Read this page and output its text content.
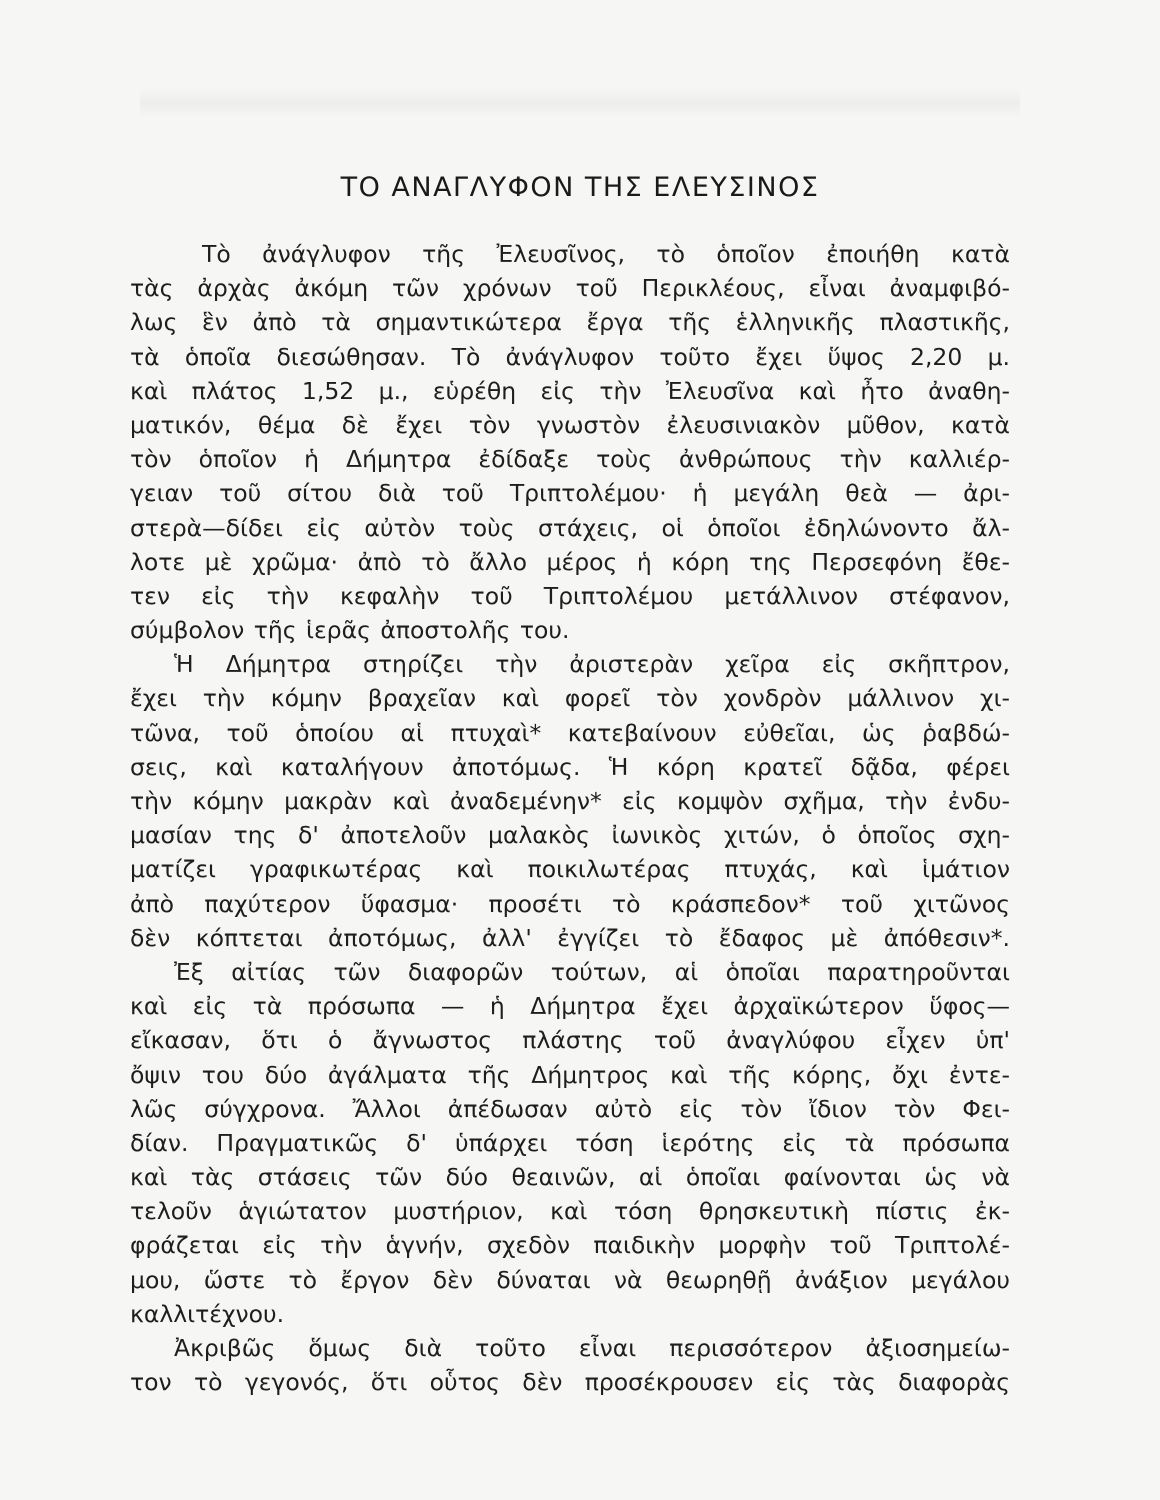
ΤΟ ΑΝΑΓΛΥΦΟΝ ΤΗΣ ΕΛΕΥΣΙΝΟΣ
Τὸ ἀνάγλυφον τῆς Ἐλευσῖνος, τὸ ὁποῖον ἐποιήθη κατὰ
τὰς ἀρχὰς ἀκόμη τῶν χρόνων τοῦ Περικλέους, εἶναι ἀναμφιβό-
λως ἓν ἀπὸ τὰ σημαντικώτερα ἔργα τῆς ἑλληνικῆς πλαστικῆς,
τὰ ὁποῖα διεσώθησαν. Τὸ ἀνάγλυφον τοῦτο ἔχει ὕψος 2,20 μ.
καὶ πλάτος 1,52 μ., εὑρέθη εἰς τὴν Ἐλευσῖνα καὶ ἦτο ἀναθη-
ματικόν, θέμα δὲ ἔχει τὸν γνωστὸν ἐλευσινιακὸν μῦθον, κατὰ
τὸν ὁποῖον ἡ Δήμητρα ἐδίδαξε τοὺς ἀνθρώπους τὴν καλλιέρ-
γειαν τοῦ σίτου διὰ τοῦ Τριπτολέμου· ἡ μεγάλη θεὰ — ἀρι-
στερὰ—δίδει εἰς αὐτὸν τοὺς στάχεις, οἱ ὁποῖοι ἐδηλώνοντο ἄλ-
λοτε μὲ χρῶμα· ἀπὸ τὸ ἄλλο μέρος ἡ κόρη της Περσεφόνη ἔθε-
τεν εἰς τὴν κεφαλὴν τοῦ Τριπτολέμου μετάλλινον στέφανον,
σύμβολον τῆς ἱερᾶς ἀποστολῆς του.
Ἡ Δήμητρα στηρίζει τὴν ἀριστερὰν χεῖρα εἰς σκῆπτρον,
ἔχει τὴν κόμην βραχεῖαν καὶ φορεῖ τὸν χονδρὸν μάλλινον χι-
τῶνα, τοῦ ὁποίου αἱ πτυχαὶ* κατεβαίνουν εὐθεῖαι, ὡς ῥαβδώ-
σεις, καὶ καταλήγουν ἀποτόμως. Ἡ κόρη κρατεῖ δᾷδα, φέρει
τὴν κόμην μακρὰν καὶ ἀναδεμένην* εἰς κομψὸν σχῆμα, τὴν ἐνδυ-
μασίαν της δ' ἀποτελοῦν μαλακὸς ἰωνικὸς χιτών, ὁ ὁποῖος σχη-
ματίζει γραφικωτέρας καὶ ποικιλωτέρας πτυχάς, καὶ ἱμάτιον
ἀπὸ παχύτερον ὕφασμα· προσέτι τὸ κράσπεδον* τοῦ χιτῶνος
δὲν κόπτεται ἀποτόμως, ἀλλ' ἐγγίζει τὸ ἔδαφος μὲ ἀπόθεσιν*.
Ἐξ αἰτίας τῶν διαφορῶν τούτων, αἱ ὁποῖαι παρατηροῦνται
καὶ εἰς τὰ πρόσωπα — ἡ Δήμητρα ἔχει ἀρχαϊκώτερον ὕφος—
εἴκασαν, ὅτι ὁ ἄγνωστος πλάστης τοῦ ἀναγλύφου εἶχεν ὑπ'
ὄψιν του δύο ἀγάλματα τῆς Δήμητρος καὶ τῆς κόρης, ὄχι ἐντε-
λῶς σύγχρονα. Ἄλλοι ἀπέδωσαν αὐτὸ εἰς τὸν ἴδιον τὸν Φει-
δίαν. Πραγματικῶς δ' ὑπάρχει τόση ἱερότης εἰς τὰ πρόσωπα
καὶ τὰς στάσεις τῶν δύο θεαινῶν, αἱ ὁποῖαι φαίνονται ὡς νὰ
τελοῦν ἁγιώτατον μυστήριον, καὶ τόση θρησκευτικὴ πίστις ἐκ-
φράζεται εἰς τὴν ἁγνήν, σχεδὸν παιδικὴν μορφὴν τοῦ Τριπτολέ-
μου, ὥστε τὸ ἔργον δὲν δύναται νὰ θεωρηθῇ ἀνάξιον μεγάλου
καλλιτέχνου.
Ἀκριβῶς ὅμως διὰ τοῦτο εἶναι περισσότερον ἀξιοσημείω-
τον τὸ γεγονός, ὅτι οὗτος δὲν προσέκρουσεν εἰς τὰς διαφορὰς
